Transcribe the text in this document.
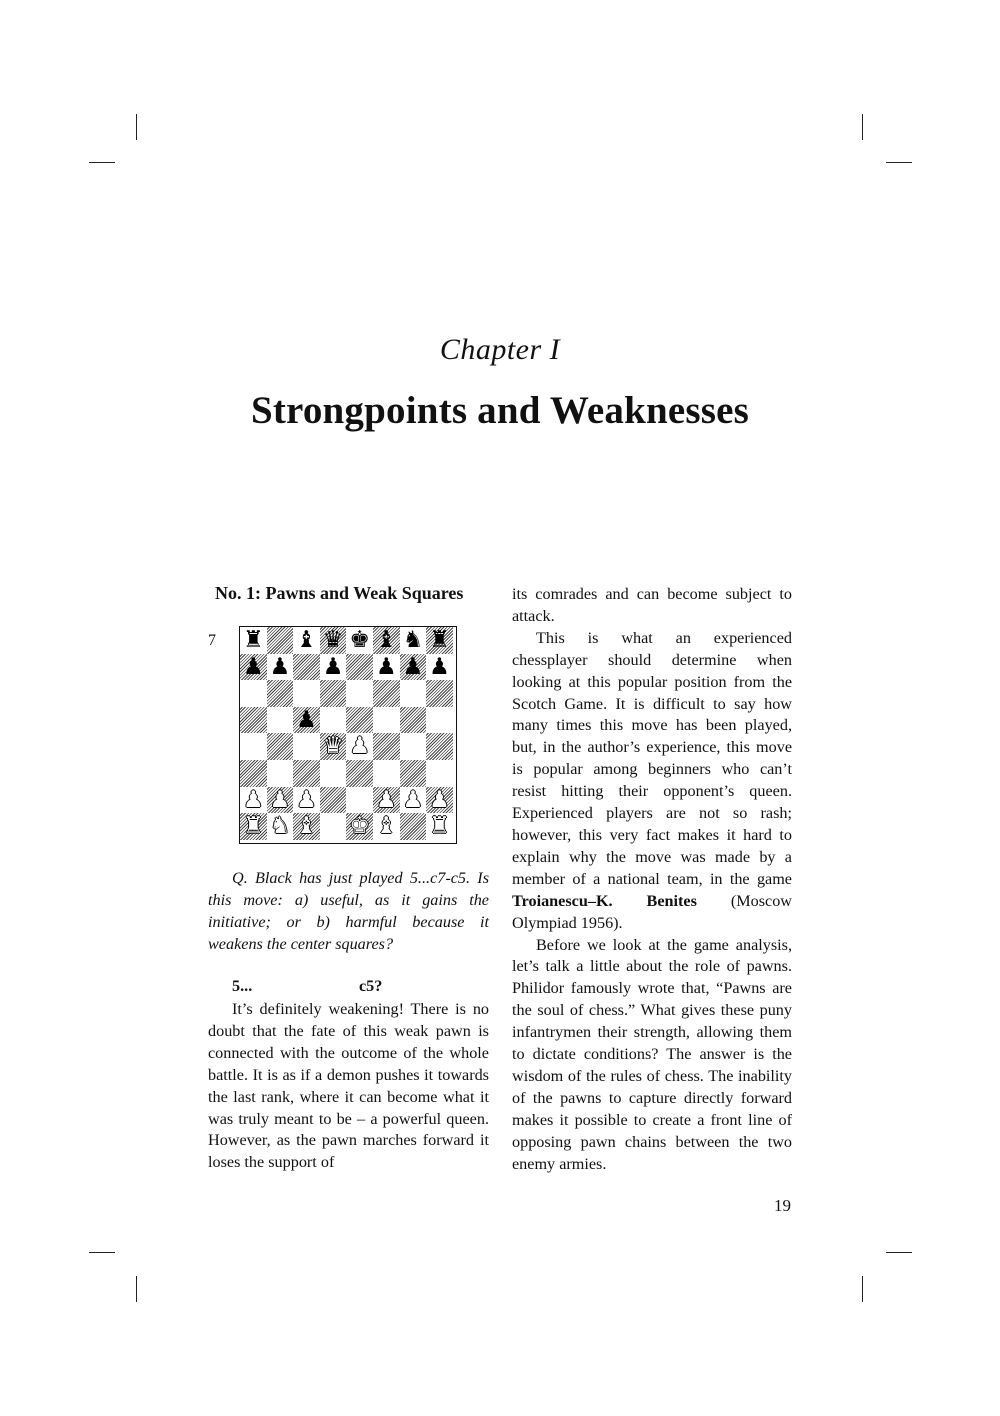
Chapter I
Strongpoints and Weaknesses
No. 1: Pawns and Weak Squares
7 ♜ ♝ ♛ ♚ ♝ ♞ ♜
♟ ♟ ♟ ♟ ♟ ♟
♟
♛ ♟
♟ ♟ ♟	♟ ♟ ♟
♜ ♞ ♝ ♚ ♝ ♜
Q. Black has just played 5...c7-c5. Is this move: a) useful, as it gains the initiative; or b) harmful because it weakens the center squares?
5...	c5?

It’s definitely weakening! There is no doubt that the fate of this weak pawn is connected with the outcome of the whole battle. It is as if a demon pushes it towards the last rank, where it can become what it was truly meant to be – a powerful queen. However, as the pawn marches forward it loses the support of

its comrades and can become subject to attack.

This is what an experienced chessplayer should determine when looking at this popular position from the Scotch Game. It is difficult to say how many times this move has been played, but, in the author’s experience, this move is popular among beginners who can’t resist hitting their opponent’s queen. Experienced players are not so rash; however, this very fact makes it hard to explain why the move was made by a member of a national team, in the game Troianescu–K. Benites (Moscow Olympiad 1956).

Before we look at the game analysis, let’s talk a little about the role of pawns. Philidor famously wrote that, “Pawns are the soul of chess.” What gives these puny infantrymen their strength, allowing them to dictate conditions? The answer is the wisdom of the rules of chess. The inability of the pawns to capture directly forward makes it possible to create a front line of opposing pawn chains between the two enemy armies.

19
